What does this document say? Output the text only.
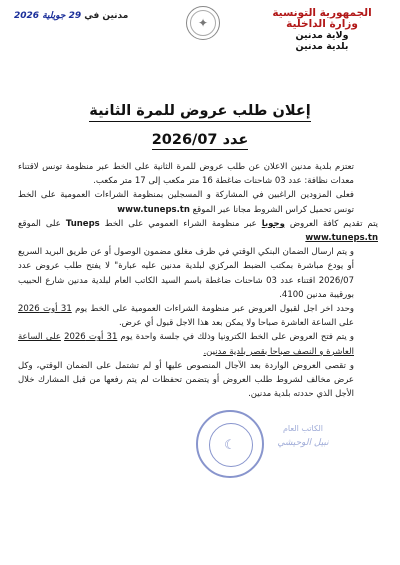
الجمهورية التونسية
وزارة الداخلية
ولاية مدنين
بلدية مدنين
✦
مدنين في 29 جويلية 2026
إعلان طلب عروض للمرة الثانية
عدد 2026/07

تعتزم بلدية مدنين الاعلان عن طلب عروض للمرة الثانية على الخط عبر منظومة تونس لاقتناء معدات نظافة: عدد 03 شاحنات ضاغطة 16 متر مكعب إلى 17 متر مكعب.

فعلى المزودين الراغبين في المشاركة و المسجلين بمنظومة الشراءات العمومية على الخط تونس تحميل كراس الشروط مجانا عبر الموقع www.tuneps.tn

يتم تقديم كافة العروض وجوبا عبر منظومة الشراء العمومي على الخط Tuneps على الموقع www.tuneps.tn

و يتم ارسال الضمان البنكي الوقتي في ظرف مغلق مضمون الوصول أو عن طريق البريد السريع أو يودع مباشرة بمكتب الضبط المركزي لبلدية مدنين عليه عبارة" لا يفتح طلب عروض عدد 2026/07 اقتناء عدد 03 شاحنات ضاغطة باسم السيد الكاتب العام لبلدية مدنين شارع الحبيب بورقيبة مدنين 4100.

وحدد اخر اجل لقبول العروض عبر منظومة الشراءات العمومية على الخط يوم 31 أوت 2026 على الساعة العاشرة صباحا ولا يمكن بعد هذا الاجل قبول أي عرض.

و يتم فتح العروض على الخط الكترونيا وذلك في جلسة واحدة يوم 31 أوت 2026 على الساعة العاشرة و النصف صباحا بقصر بلدية مدنين.

و تقصى العروض الواردة بعد الآجال المنصوص عليها أو لم تشتمل على الضمان الوقتي، وكل عرض مخالف لشروط طلب العروض أو يتضمن تحفظات لم يتم رفعها من قبل المشارك خلال الأجل الذي حددته بلدية مدنين.

☾
الكاتب العام
نبيل الوحيشي
